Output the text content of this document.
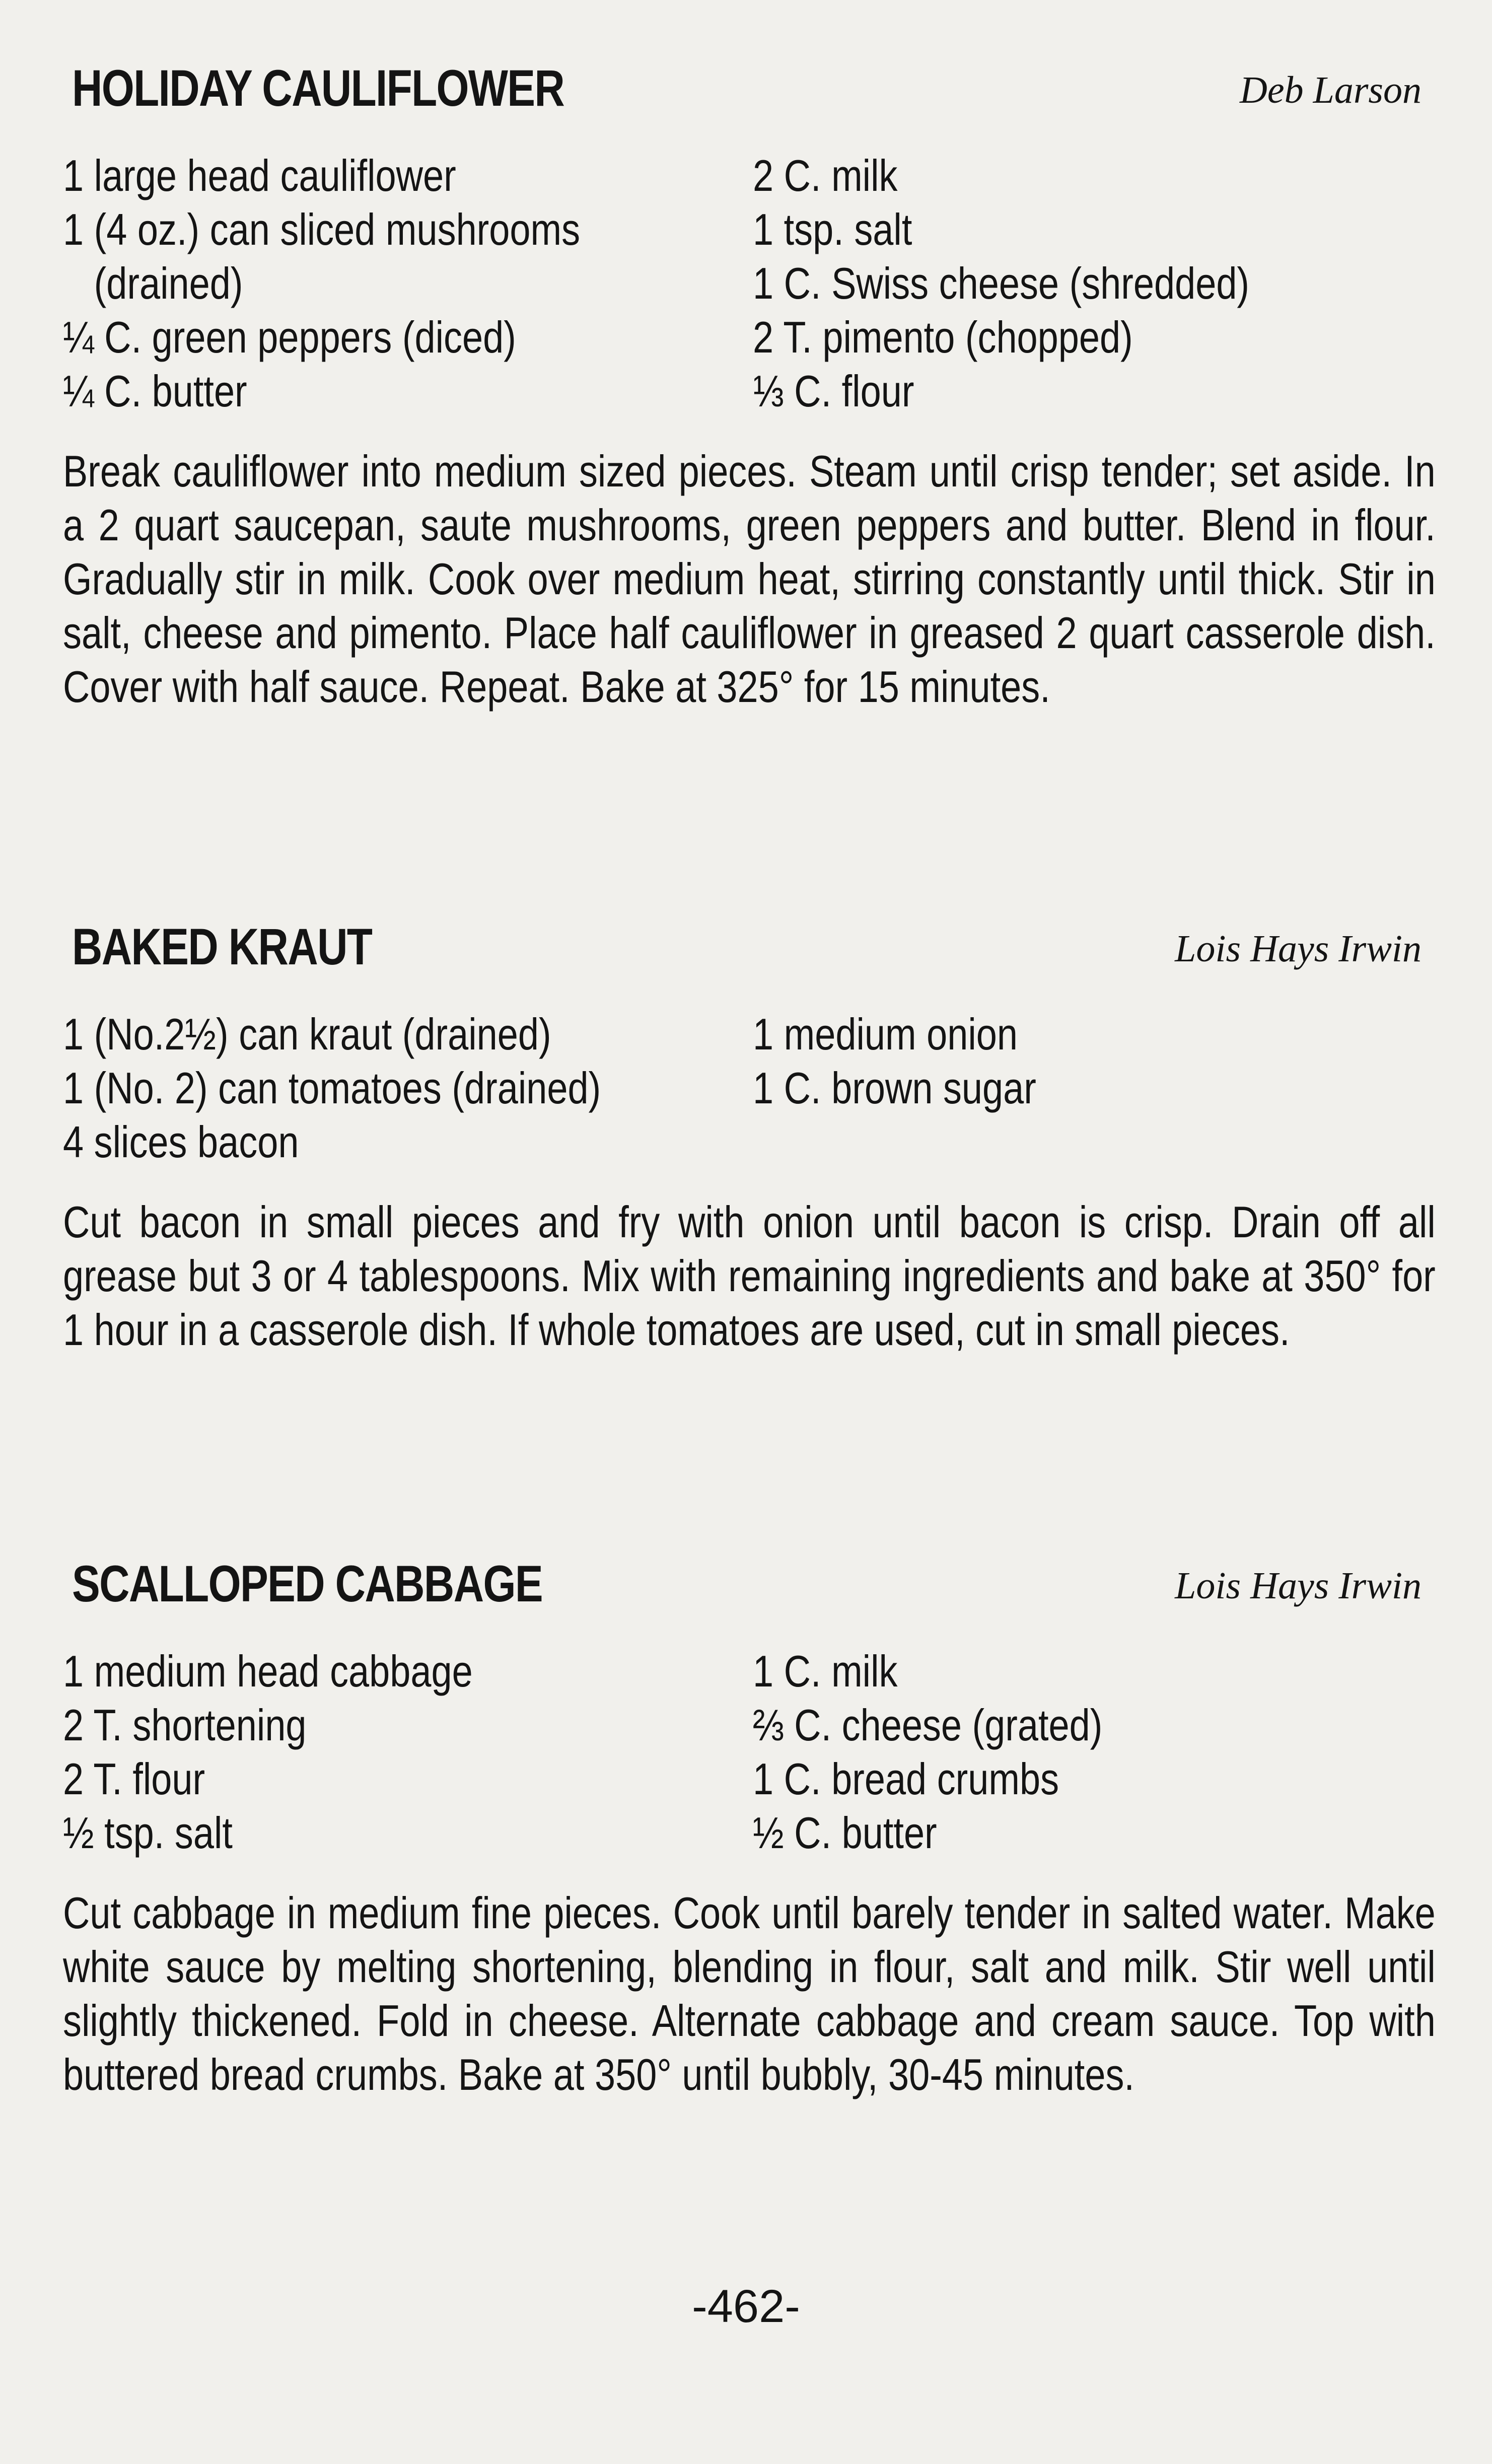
HOLIDAY CAULIFLOWER	Deb Larson
1 large head cauliflower
1 (4 oz.) can sliced mushrooms
(drained)
¼ C. green peppers (diced)
¼ C. butter
2 C. milk
1 tsp. salt
1 C. Swiss cheese (shredded)
2 T. pimento (chopped)
⅓ C. flour

Break cauliflower into medium sized pieces. Steam until crisp tender; set aside. In a 2 quart saucepan, saute mushrooms, green peppers and butter. Blend in flour. Gradually stir in milk. Cook over medium heat, stirring constantly until thick. Stir in salt, cheese and pimento. Place half cauliflower in greased 2 quart casserole dish. Cover with half sauce. Repeat. Bake at 325° for 15 minutes.

BAKED KRAUT	Lois Hays Irwin
1 (No.2½) can kraut (drained)
1 (No. 2) can tomatoes (drained)
4 slices bacon
1 medium onion
1 C. brown sugar

Cut bacon in small pieces and fry with onion until bacon is crisp. Drain off all grease but 3 or 4 tablespoons. Mix with remaining ingredients and bake at 350° for 1 hour in a casserole dish. If whole tomatoes are used, cut in small pieces.

SCALLOPED CABBAGE	Lois Hays Irwin
1 medium head cabbage
2 T. shortening
2 T. flour
½ tsp. salt
1 C. milk
⅔ C. cheese (grated)
1 C. bread crumbs
½ C. butter

Cut cabbage in medium fine pieces. Cook until barely tender in salted water. Make white sauce by melting shortening, blending in flour, salt and milk. Stir well until slightly thickened. Fold in cheese. Alternate cabbage and cream sauce. Top with buttered bread crumbs. Bake at 350° until bubbly, 30-45 minutes.

-462-
